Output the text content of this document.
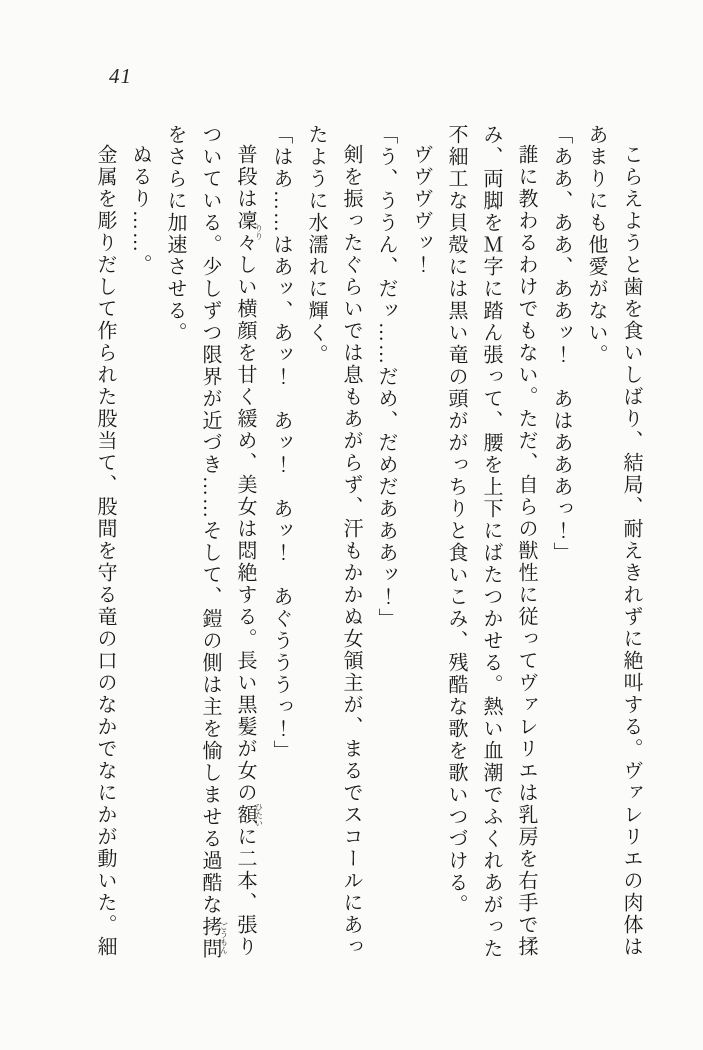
41

こらえようと歯を食いしばり、結局、耐えきれずに絶叫する。ヴァレリエの肉体はあまりにも他愛がない。

「ああ、ああ、ああッ！　あはあああっ！」

誰に教わるわけでもない。ただ、自らの獣性に従ってヴァレリエは乳房を右手で揉み、両脚をＭ字に踏ん張って、腰を上下にばたつかせる。熱い血潮でふくれあがった不細工な貝殻には黒い竜の頭ががっちりと食いこみ、残酷な歌を歌いつづける。

ヴヴヴヴッ！

「う、ううん、だッ……だめ、だめだあああッ！」

剣を振ったぐらいでは息もあがらず、汗もかかぬ女領主が、まるでスコールにあったように水濡れに輝く。

「はあ……はあッ、あッ！　あッ！　あッ！　あぐうううっ！」

普段は凜々りりしい横顔を甘く緩め、美女は悶絶する。長い黒髪が女の額ひたいに二本、張りついている。少しずつ限界が近づき……そして、鎧の側は主を愉しませる過酷な拷問ごうもんをさらに加速させる。

ぬるり……。

金属を彫りだして作られた股当て、股間を守る竜の口のなかでなにかが動いた。細
